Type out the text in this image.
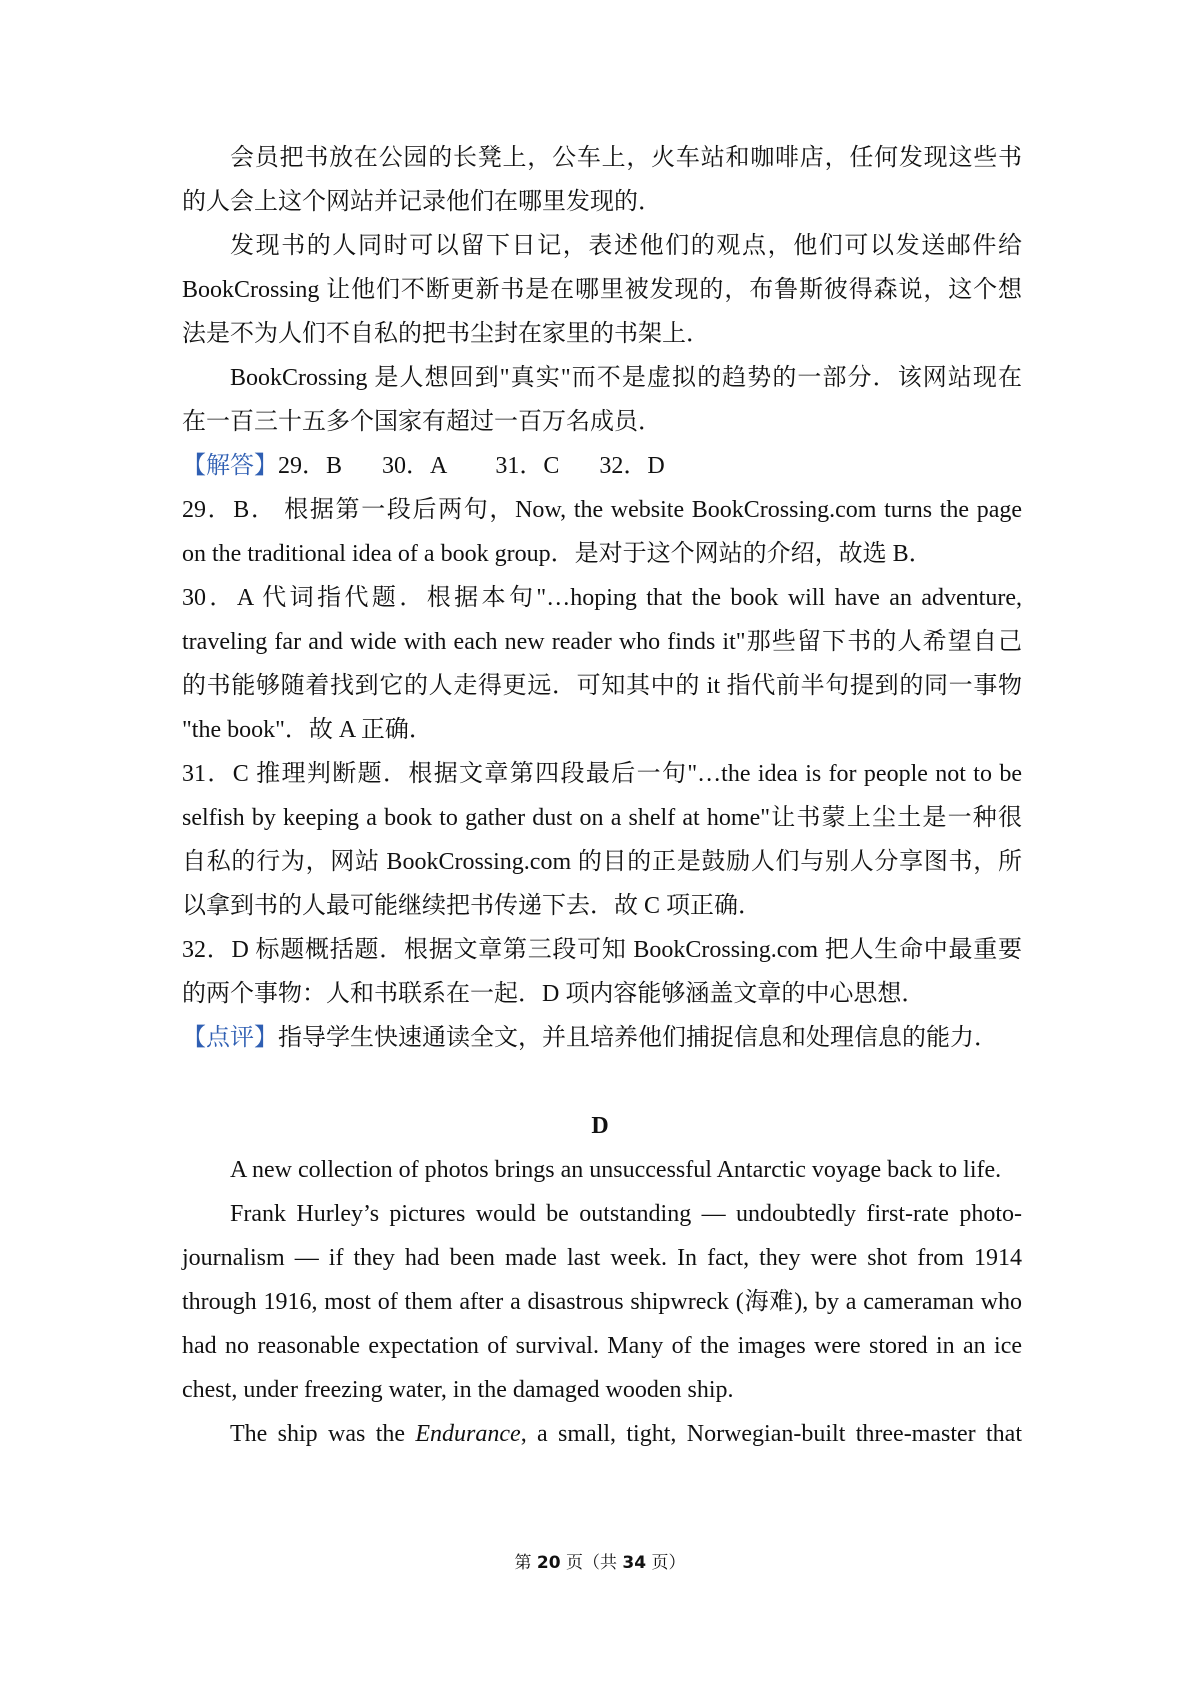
会员把书放在公园的长凳上，公车上，火车站和咖啡店，任何发现这些书
的人会上这个网站并记录他们在哪里发现的．
发现书的人同时可以留下日记，表述他们的观点，他们可以发送邮件给
BookCrossing 让他们不断更新书是在哪里被发现的，布鲁斯彼得森说，这个想
法是不为人们不自私的把书尘封在家里的书架上．
BookCrossing 是人想回到"真实"而不是虚拟的趋势的一部分．该网站现在
在一百三十五多个国家有超过一百万名成员．
【解答】29．B 30．A 31．C 32．D
29．B． 根据第一段后两句，Now, the website BookCrossing.com turns the page
on the traditional idea of a book group．是对于这个网站的介绍，故选 B．
30．A 代词指代题．根据本句"…hoping that the book will have an adventure,
traveling far and wide with each new reader who finds it"那些留下书的人希望自己
的书能够随着找到它的人走得更远．可知其中的 it 指代前半句提到的同一事物
"the book"．故 A 正确．
31．C 推理判断题．根据文章第四段最后一句"…the idea is for people not to be
selfish by keeping a book to gather dust on a shelf at home"让书蒙上尘土是一种很
自私的行为，网站 BookCrossing.com 的目的正是鼓励人们与别人分享图书，所
以拿到书的人最可能继续把书传递下去．故 C 项正确．
32．D 标题概括题．根据文章第三段可知 BookCrossing.com 把人生命中最重要
的两个事物：人和书联系在一起．D 项内容能够涵盖文章的中心思想．
【点评】指导学生快速通读全文，并且培养他们捕捉信息和处理信息的能力．
D
A new collection of photos brings an unsuccessful Antarctic voyage back to life.
Frank Hurley’s pictures would be outstanding ― undoubtedly first-rate photo-
journalism ― if they had been made last week. In fact, they were shot from 1914
through 1916, most of them after a disastrous shipwreck (海难), by a cameraman who
had no reasonable expectation of survival. Many of the images were stored in an ice
chest, under freezing water, in the damaged wooden ship.
The ship was the Endurance, a small, tight, Norwegian-built three-master that
第 20 页（共 34 页）
